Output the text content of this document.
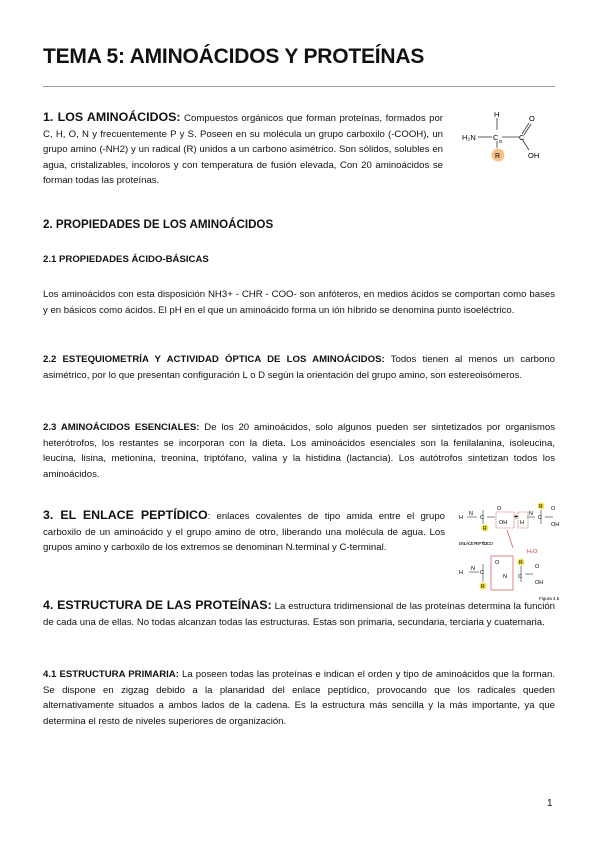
TEMA 5: AMINOÁCIDOS Y PROTEÍNAS

1. LOS AMINOÁCIDOS: Compuestos orgánicos que forman proteínas, formados por C, H, O, N y frecuentemente P y S. Poseen en su molécula un grupo carboxilo (-COOH), un grupo amino (-NH2) y un radical (R) unidos a un carbono asimétrico. Son sólidos, solubles en agua, cristalizables, incoloros y con temperatura de fusión elevada, Con 20 aminoácidos se forman todas las proteínas.

H
H₂N C α C
O
OH
R
2. PROPIEDADES DE LOS AMINOÁCIDOS
2.1 PROPIEDADES ÁCIDO-BÁSICAS

Los aminoácidos con esta disposición NH3+ - CHR - COO- son anfóteros, en medios ácidos se comportan como bases y en básicos como ácidos. El pH en el que un aminoácido forma un ión híbrido se denomina punto isoeléctrico.

2.2 ESTEQUIOMETRÍA Y ACTIVIDAD ÓPTICA DE LOS AMINOÁCIDOS: Todos tienen al menos un carbono asimétrico, por lo que presentan configuración L o D según la orientación del grupo amino, son estereoisómeros.

2.3 AMINOÁCIDOS ESENCIALES: De los 20 aminoácidos, solo algunos pueden ser sintetizados por organismos heterótrofos, los restantes se incorporan con la dieta. Los aminoácidos esenciales son la fenilalanina, isoleucina, leucina, lisina, metionina, treonina, triptófano, valina y la histidina (lactancia). Los autótrofos sintetizan todos los aminoácidos.

3. EL ENLACE PEPTÍDICO: enlaces covalentes de tipo amida entre el grupo carboxilo de un aminoácido y el grupo amino de otro, liberando una molécula de agua. Los grupos amino y carboxilo de los extremos se denominan N.terminal y C-terminal.

H
N
C
R
O
OH
+
H
N
C
R O
OH
H₂O
ENLACE PEPTÍDICO
H
N
C
R
O
N C
R
O
OH
Figura 4.5

4. ESTRUCTURA DE LAS PROTEÍNAS: La estructura tridimensional de las proteínas determina la función de cada una de ellas. No todas alcanzan todas las estructuras. Estas son primaria, secundaria, terciaria y cuaternaria.

4.1 ESTRUCTURA PRIMARIA: La poseen todas las proteínas e indican el orden y tipo de aminoácidos que la forman. Se dispone en zigzag debido a la planaridad del enlace peptídico, provocando que los radicales queden alternativamente situados a ambos lados de la cadena. Es la estructura más sencilla y la más importante, ya que determina el resto de niveles superiores de organización.

1
